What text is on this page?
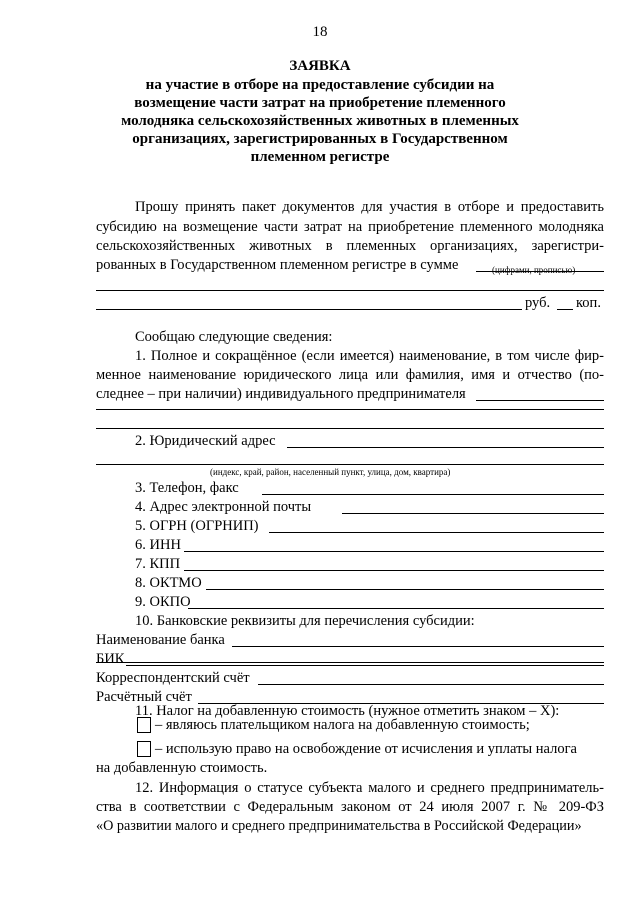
18
ЗАЯВКА
на участие в отборе на предоставление субсидии на
возмещение части затрат на приобретение племенного
молодняка сельскохозяйственных животных в племенных
организациях, зарегистрированных в Государственном
племенном регистре
Прошу принять пакет документов для участия в отборе и предоставить
субсидию на возмещение части затрат на приобретение племенного молодняка
сельскохозяйственных животных в племенных организациях, зарегистри-
рованных в Государственном племенном регистре в сумме	(цифрами, прописью)
руб. коп.
Сообщаю следующие сведения:
1. Полное и сокращённое (если имеется) наименование, в том числе фир-
менное наименование юридического лица или фамилия, имя и отчество (по-
следнее – при наличии) индивидуального предпринимателя
2. Юридический адрес
(индекс, край, район, населенный пункт, улица, дом, квартира)
3. Телефон, факс
4. Адрес электронной почты
5. ОГРН (ОГРНИП)
6. ИНН
7. КПП
8. ОКТМО
9. ОКПО
10. Банковские реквизиты для перечисления субсидии:
Наименование банка
БИК
Корреспондентский счёт
Расчётный счёт
11. Налог на добавленную стоимость (нужное отметить знаком – X):
– являюсь плательщиком налога на добавленную стоимость;
– использую право на освобождение от исчисления и уплаты налога
на добавленную стоимость.
12. Информация о статусе субъекта малого и среднего предприниматель-
ства в соответствии с Федеральным законом от 24 июля 2007 г. № 209-ФЗ
«О развитии малого и среднего предпринимательства в Российской Федерации»
